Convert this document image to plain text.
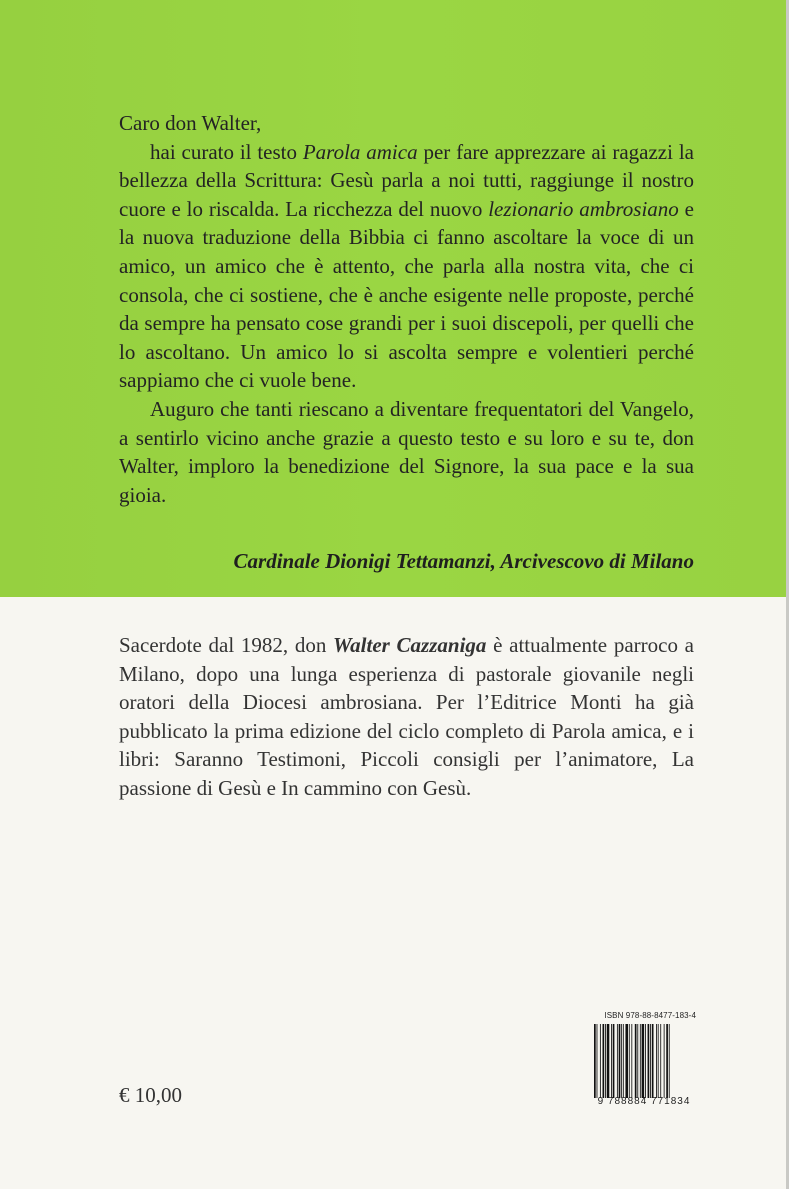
Caro don Walter,

hai curato il testo Parola amica per fare apprezzare ai ragazzi la bellezza della Scrittura: Gesù parla a noi tutti, raggiunge il nostro cuore e lo riscalda. La ricchezza del nuovo lezionario ambrosiano e la nuova traduzione della Bibbia ci fanno ascoltare la voce di un amico, un amico che è attento, che parla alla nostra vita, che ci consola, che ci sostiene, che è anche esigente nelle proposte, perché da sempre ha pensato cose grandi per i suoi discepoli, per quelli che lo ascoltano. Un amico lo si ascolta sempre e volentieri perché sappiamo che ci vuole bene.

Auguro che tanti riescano a diventare frequentatori del Vangelo, a sentirlo vicino anche grazie a questo testo e su loro e su te, don Walter, imploro la benedizione del Signore, la sua pace e la sua gioia.

Cardinale Dionigi Tettamanzi, Arcivescovo di Milano
Sacerdote dal 1982, don Walter Cazzaniga è attualmente parroco a Milano, dopo una lunga esperienza di pastorale giovanile negli oratori della Diocesi ambrosiana. Per l’Editrice Monti ha già pubblicato la prima edizione del ciclo completo di Parola amica, e i libri: Saranno Testimoni, Piccoli consigli per l’animatore, La passione di Gesù e In cammino con Gesù.
€ 10,00
ISBN 978-88-8477-183-4
9 788884 771834
